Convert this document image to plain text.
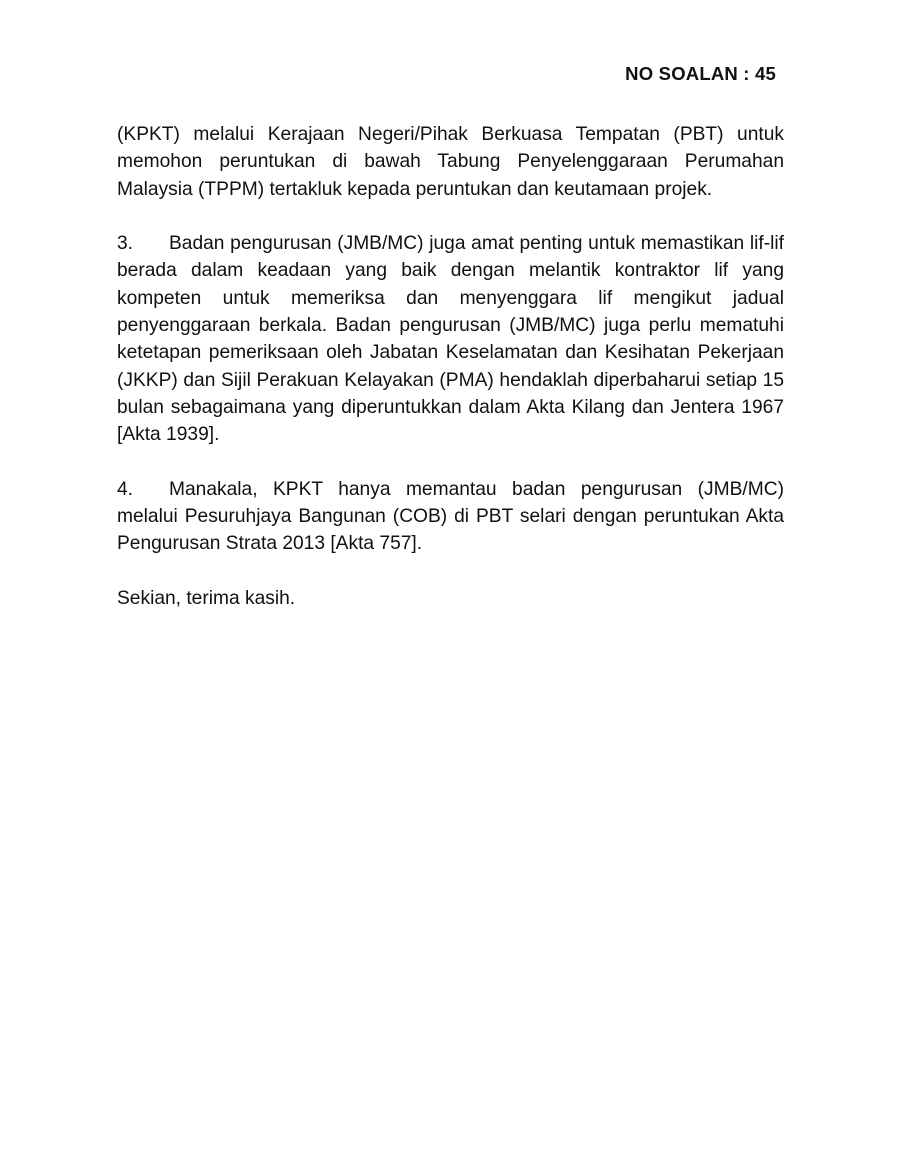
NO SOALAN : 45

(KPKT) melalui Kerajaan Negeri/Pihak Berkuasa Tempatan (PBT) untuk memohon peruntukan di bawah Tabung Penyelenggaraan Perumahan Malaysia (TPPM) tertakluk kepada peruntukan dan keutamaan projek.

3. Badan pengurusan (JMB/MC) juga amat penting untuk memastikan lif-lif berada dalam keadaan yang baik dengan melantik kontraktor lif yang kompeten untuk memeriksa dan menyenggara lif mengikut jadual penyenggaraan berkala. Badan pengurusan (JMB/MC) juga perlu mematuhi ketetapan pemeriksaan oleh Jabatan Keselamatan dan Kesihatan Pekerjaan (JKKP) dan Sijil Perakuan Kelayakan (PMA) hendaklah diperbaharui setiap 15 bulan sebagaimana yang diperuntukkan dalam Akta Kilang dan Jentera 1967 [Akta 1939].

4. Manakala, KPKT hanya memantau badan pengurusan (JMB/MC) melalui Pesuruhjaya Bangunan (COB) di PBT selari dengan peruntukan Akta Pengurusan Strata 2013 [Akta 757].

Sekian, terima kasih.
